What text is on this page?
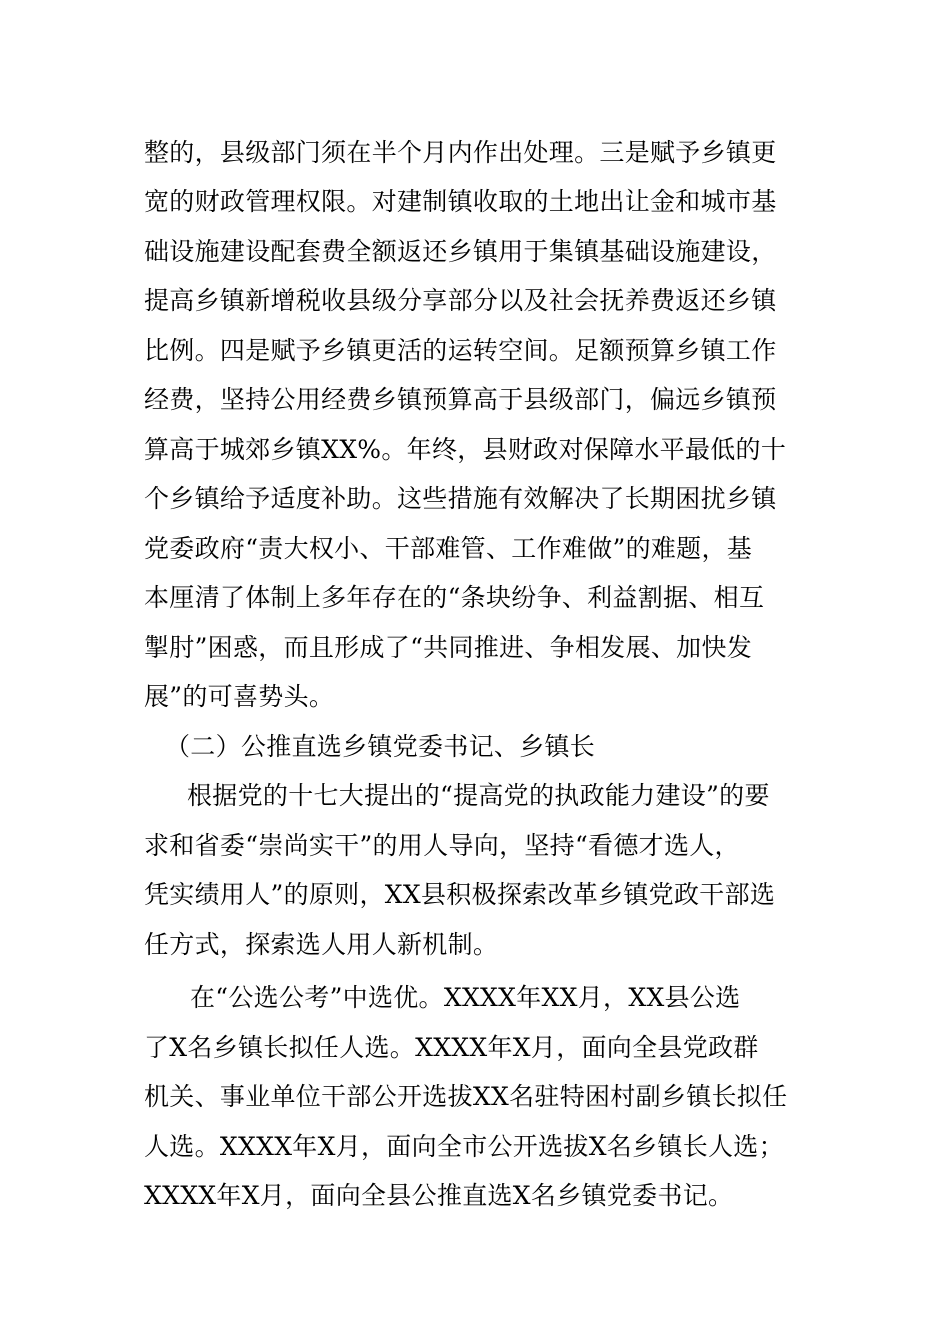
整的，县级部门须在半个月内作出处理。三是赋予乡镇更
宽的财政管理权限。对建制镇收取的土地出让金和城市基
础设施建设配套费全额返还乡镇用于集镇基础设施建设，
提高乡镇新增税收县级分享部分以及社会抚养费返还乡镇
比例。四是赋予乡镇更活的运转空间。足额预算乡镇工作
经费，坚持公用经费乡镇预算高于县级部门，偏远乡镇预
算高于城郊乡镇XX%。年终，县财政对保障水平最低的十
个乡镇给予适度补助。这些措施有效解决了长期困扰乡镇
党委政府“责大权小、干部难管、工作难做”的难题，基
本厘清了体制上多年存在的“条块纷争、利益割据、相互
掣肘”困惑，而且形成了“共同推进、争相发展、加快发
展”的可喜势头。
（二）公推直选乡镇党委书记、乡镇长
根据党的十七大提出的“提高党的执政能力建设”的要
求和省委“崇尚实干”的用人导向，坚持“看德才选人，
凭实绩用人”的原则，XX县积极探索改革乡镇党政干部选
任方式，探索选人用人新机制。
在“公选公考”中选优。XXXX年XX月，XX县公选
了X名乡镇长拟任人选。XXXX年X月，面向全县党政群
机关、事业单位干部公开选拔XX名驻特困村副乡镇长拟任
人选。XXXX年X月，面向全市公开选拔X名乡镇长人选；
XXXX年X月，面向全县公推直选X名乡镇党委书记。
